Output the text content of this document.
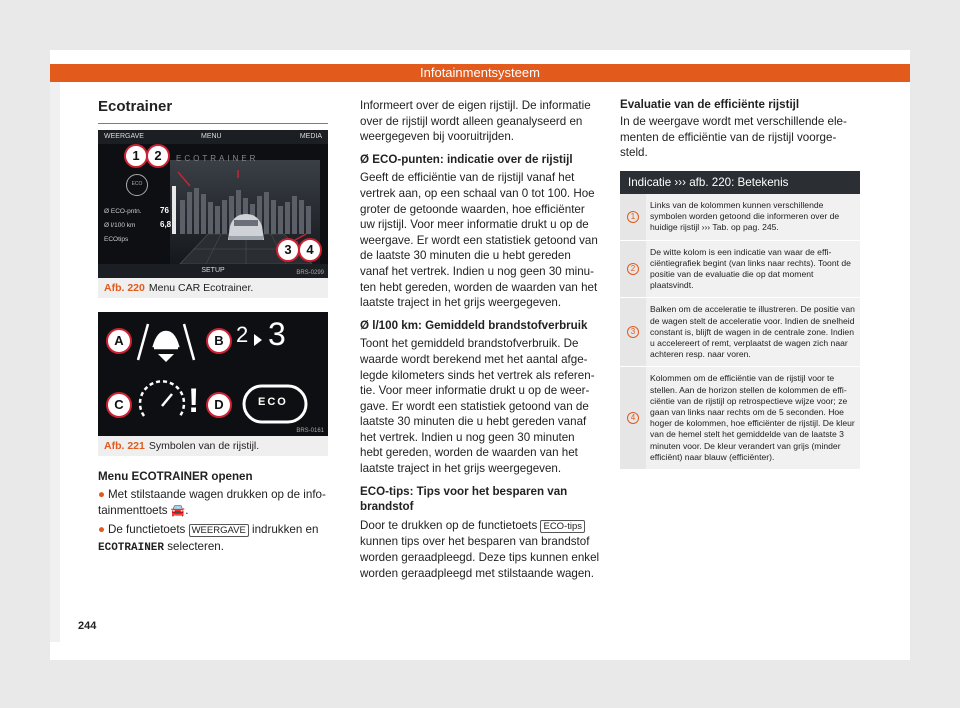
Infotainmentsysteem
Ecotrainer
WEERGAVE	MENU	MEDIA
ECOTRAINER
ECO
Ø ECO-pntn. 76
Ø l/100 km	6,8
ECOtips
1	2
3	4
SETUP	BRS-0299
Afb. 220 Menu CAR Ecotrainer.
2 3
!	ECO
A	B
C	D
BRS-0161
Afb. 221 Symbolen van de rijstijl.
Menu ECOTRAINER openen

● Met stilstaande wagen drukken op de infotainmenttoets 🚘.

● De functietoets WEERGAVE indrukken en ECOTRAINER selecteren.

Informeert over de eigen rijstijl. De informatie over de rijstijl wordt alleen geanalyseerd en weergegeven bij vooruitrijden.

Ø ECO-punten: indicatie over de rijstijl

Geeft de efficiëntie van de rijstijl vanaf het vertrek aan, op een schaal van 0 tot 100. Hoe groter de getoonde waarden, hoe efficiënter uw rijstijl. Voor meer informatie drukt u op de weergave. Er wordt een statistiek getoond van de laatste 30 minuten die u hebt gereden vanaf het vertrek. Indien u nog geen 30 minuten hebt gereden, worden de waarden van het laatste traject in het grijs weergegeven.

Ø l/100 km: Gemiddeld brandstofverbruik

Toont het gemiddeld brandstofverbruik. De waarde wordt berekend met het aantal afgelegde kilometers sinds het vertrek als referentie. Voor meer informatie drukt u op de weergave. Er wordt een statistiek getoond van de laatste 30 minuten die u hebt gereden vanaf het vertrek. Indien u nog geen 30 minuten hebt gereden, worden de waarden van het laatste traject in het grijs weergegeven.

ECO-tips: Tips voor het besparen van brandstof

Door te drukken op de functietoets ECO-tips kunnen tips over het besparen van brandstof worden geraadpleegd. Deze tips kunnen enkel worden geraadpleegd met stilstaande wagen.

Evaluatie van de efficiënte rijstijl

In de weergave wordt met verschillende elementen de efficiëntie van de rijstijl voorgesteld.

Indicatie ››› afb. 220: Betekenis	
1	Links van de kolommen kunnen verschillende symbolen worden getoond die informeren over de huidige rijstijl ››› Tab. op pag. 245.
2	De witte kolom is een indicatie van waar de efficiëntiegrafiek begint (van links naar rechts). Toont de positie van de evaluatie die op dat moment plaatsvindt.
3	Balken om de acceleratie te illustreren. De positie van de wagen stelt de acceleratie voor. Indien de snelheid constant is, blijft de wagen in de centrale zone. Indien u accelereert of remt, verplaatst de wagen zich naar achteren resp. naar voren.
4	Kolommen om de efficiëntie van de rijstijl voor te stellen. Aan de horizon stellen de kolommen de efficiëntie van de rijstijl op retrospectieve wijze voor; ze gaan van links naar rechts om de 5 seconden. Hoe hoger de kolommen, hoe efficiënter de rijstijl. De kleur van de hemel stelt het gemiddelde van de laatste 3 minuten voor. De kleur verandert van grijs (minder efficiënt) naar blauw (efficiënter).
244
